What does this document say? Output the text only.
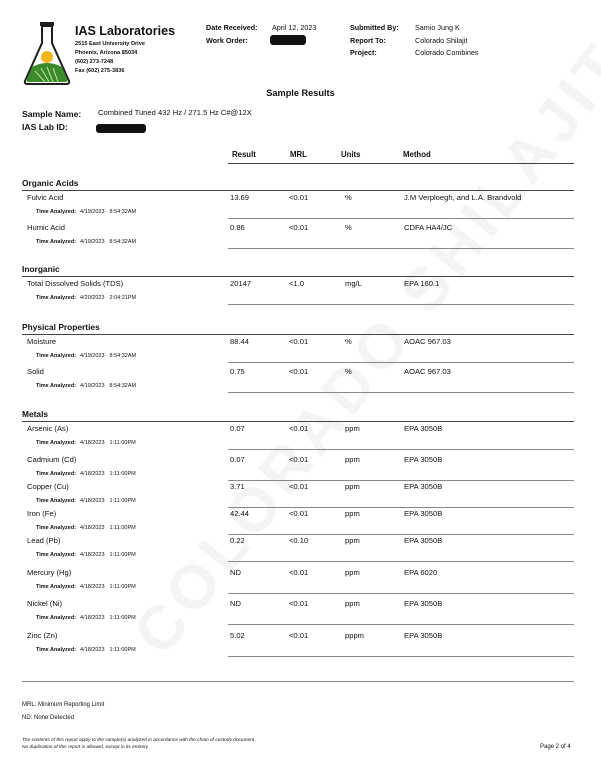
IAS Laboratories
2515 East University Drive
Phoenix, Arizona 85034
(602) 273-7248
Fax (602) 275-3836
Date Received: April 12, 2023
Work Order:
Submitted By: Samio Jung K
Report To:	Colorado Shilajit
Project:	Colorado Combines
Sample Results
Sample Name: Combined Tuned 432 Hz / 271.5 Hz C#@12X
IAS Lab ID:
Result	MRL	Units	Method
Organic Acids
Fulvic Acid	13.69	<0.01	%	J.M Verploegh, and L.A. Brandvold
Time Analyzed: 4/19/2023 8:54:32AM
Humic Acid	0.86	<0.01	%	CDFA HA4/JC
Time Analyzed: 4/19/2023 8:54:32AM
Inorganic
Total Dissolved Solids (TDS)	20147	<1.0	mg/L	EPA 160.1
Time Analyzed: 4/20/2023 2:04:21PM
Physical Properties
Moisture	88.44	<0.01	%	AOAC 967.03
Time Analyzed: 4/19/2023 8:54:32AM
Solid	0.75	<0.01	%	AOAC 967.03
Time Analyzed: 4/19/2023 8:54:32AM
Metals
Arsenic (As)	0.07	<0.01	ppm	EPA 3050B
Time Analyzed: 4/18/2023 1:11:00PM
Cadmium (Cd)	0.07	<0.01	ppm	EPA 3050B
Time Analyzed: 4/18/2023 1:11:00PM
Copper (Cu)	3.71	<0.01	ppm	EPA 3050B
Time Analyzed: 4/18/2023 1:11:00PM
Iron (Fe)	42.44	<0.01	ppm	EPA 3050B
Time Analyzed: 4/18/2023 1:11:00PM
Lead (Pb)	0.22	<0.10	ppm	EPA 3050B
Time Analyzed: 4/18/2023 1:11:00PM
Mercury (Hg)	ND	<0.01	ppm	EPA 6020
Time Analyzed: 4/18/2023 1:11:00PM
Nickel (Ni)	ND	<0.01	ppm	EPA 3050B
Time Analyzed: 4/18/2023 1:11:00PM
Zinc (Zn)	5.02	<0.01	pppm	EPA 3050B
Time Analyzed: 4/18/2023 1:11:00PM
MRL: Minimum Reporting Limit
ND: None Detected
The contents of this report apply to the sample(s) analyzed in accordance with the chain of custody document.
No duplication of this report is allowed, except in its entirety.	Page 2 of 4
